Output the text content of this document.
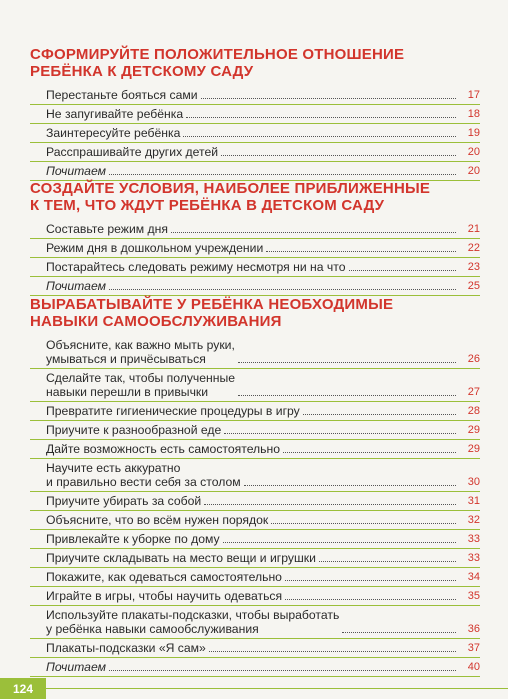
СФОРМИРУЙТЕ ПОЛОЖИТЕЛЬНОЕ ОТНОШЕНИЕ
РЕБЁНКА К ДЕТСКОМУ САДУ
Перестаньте бояться сами	17
Не запугивайте ребёнка	18
Заинтересуйте ребёнка	19
Расспрашивайте других детей	20
Почитаем	20
СОЗДАЙТЕ УСЛОВИЯ, НАИБОЛЕЕ ПРИБЛИЖЕННЫЕ
К ТЕМ, ЧТО ЖДУТ РЕБЁНКА В ДЕТСКОМ САДУ
Составьте режим дня	21
Режим дня в дошкольном учреждении	22
Постарайтесь следовать режиму несмотря ни на что	23
Почитаем	25
ВЫРАБАТЫВАЙТЕ У РЕБЁНКА НЕОБХОДИМЫЕ
НАВЫКИ САМООБСЛУЖИВАНИЯ
Объясните, как важно мыть руки,
умываться и причёсываться	26
Сделайте так, чтобы полученные
навыки перешли в привычки	27
Превратите гигиенические процедуры в игру	28
Приучите к разнообразной еде	29
Дайте возможность есть самостоятельно	29
Научите есть аккуратно
и правильно вести себя за столом	30
Приучите убирать за собой	31
Объясните, что во всём нужен порядок	32
Привлекайте к уборке по дому	33
Приучите складывать на место вещи и игрушки	33
Покажите, как одеваться самостоятельно	34
Играйте в игры, чтобы научить одеваться	35
Используйте плакаты-подсказки, чтобы выработать
у ребёнка навыки самообслуживания	36
Плакаты-подсказки «Я сам»	37
Почитаем	40
124
